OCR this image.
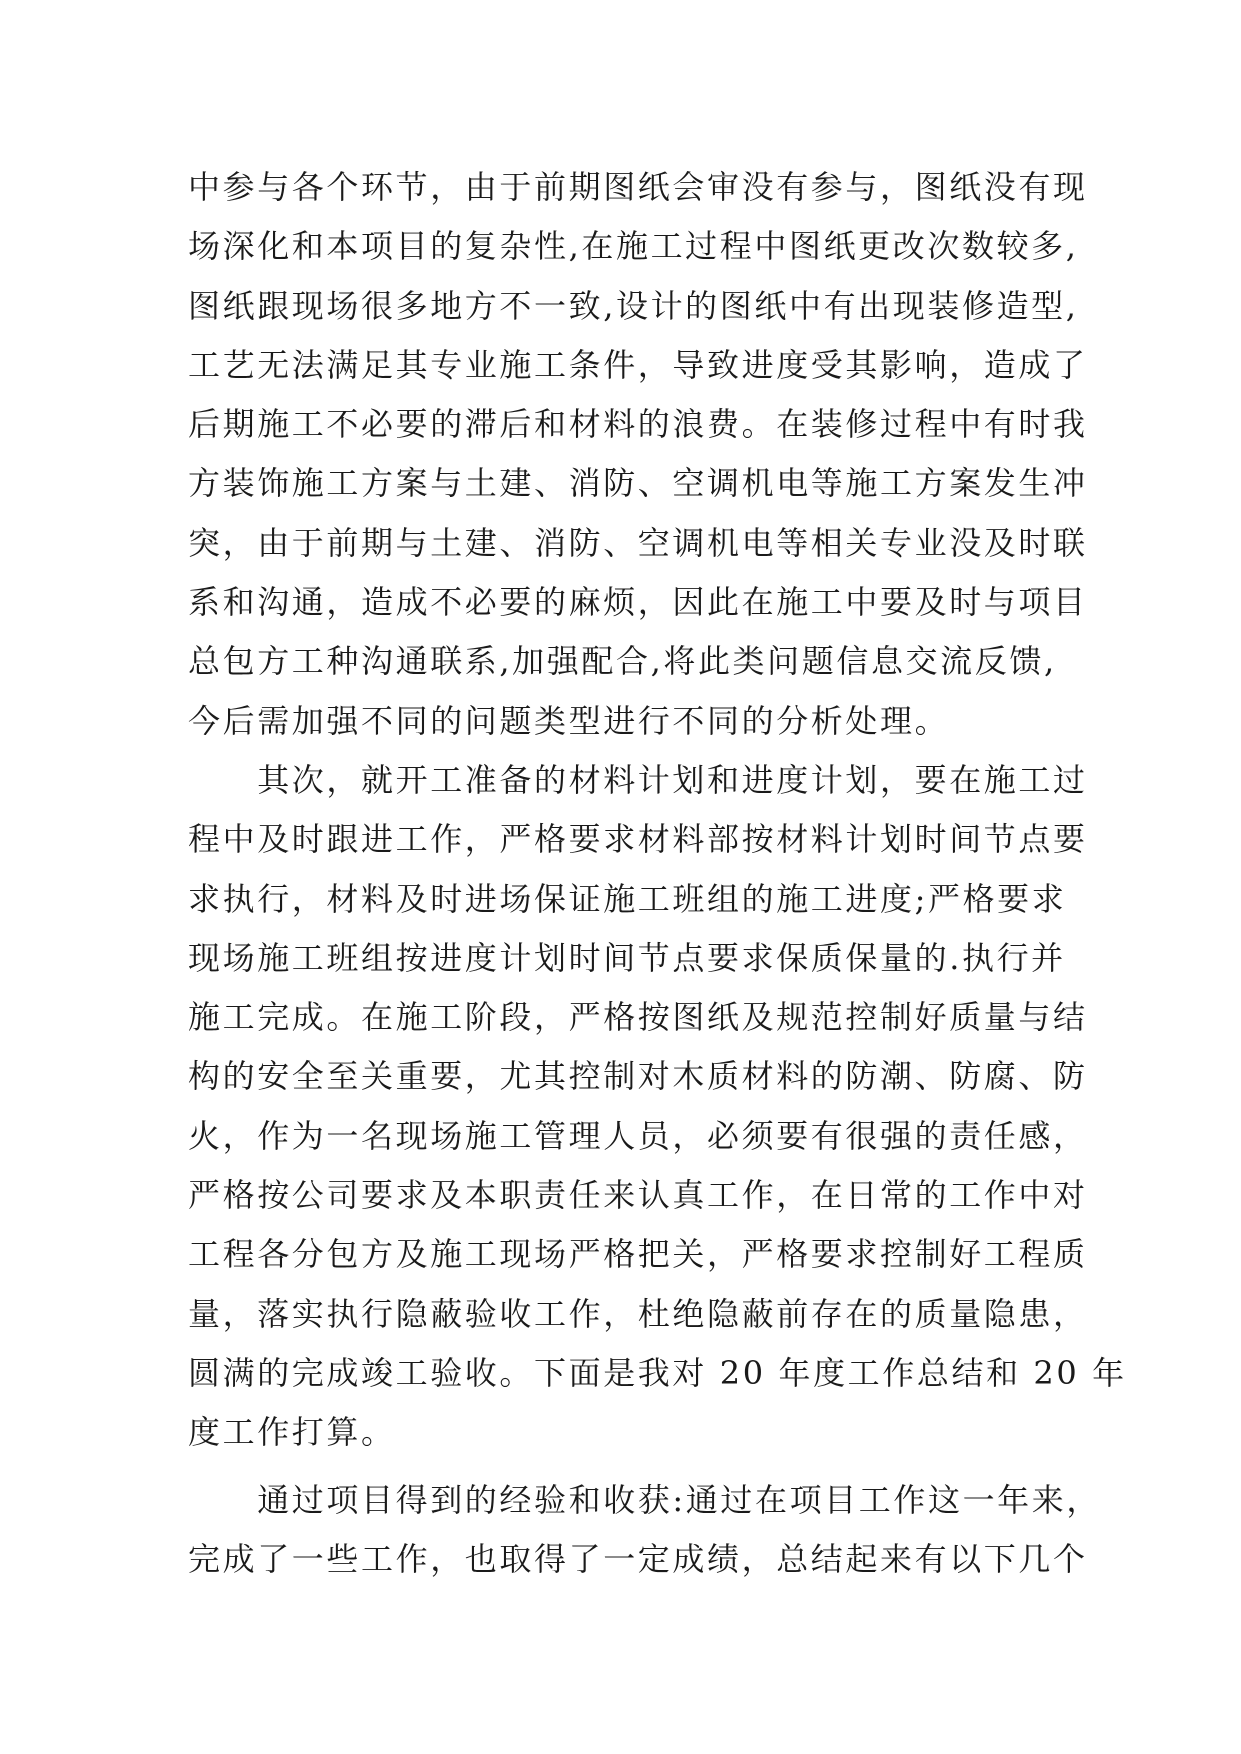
中参与各个环节，由于前期图纸会审没有参与，图纸没有现
场深化和本项目的复杂性,在施工过程中图纸更改次数较多,
图纸跟现场很多地方不一致,设计的图纸中有出现装修造型,
工艺无法满足其专业施工条件，导致进度受其影响，造成了
后期施工不必要的滞后和材料的浪费。在装修过程中有时我
方装饰施工方案与土建、消防、空调机电等施工方案发生冲
突，由于前期与土建、消防、空调机电等相关专业没及时联
系和沟通，造成不必要的麻烦，因此在施工中要及时与项目
总包方工种沟通联系,加强配合,将此类问题信息交流反馈,
今后需加强不同的问题类型进行不同的分析处理。
　　其次，就开工准备的材料计划和进度计划，要在施工过
程中及时跟进工作，严格要求材料部按材料计划时间节点要
求执行，材料及时进场保证施工班组的施工进度;严格要求
现场施工班组按进度计划时间节点要求保质保量的.执行并
施工完成。在施工阶段，严格按图纸及规范控制好质量与结
构的安全至关重要，尤其控制对木质材料的防潮、防腐、防
火，作为一名现场施工管理人员，必须要有很强的责任感，
严格按公司要求及本职责任来认真工作，在日常的工作中对
工程各分包方及施工现场严格把关，严格要求控制好工程质
量，落实执行隐蔽验收工作，杜绝隐蔽前存在的质量隐患，
圆满的完成竣工验收。下面是我对 20 年度工作总结和 20 年
度工作打算。
　　通过项目得到的经验和收获:通过在项目工作这一年来，
完成了一些工作，也取得了一定成绩，总结起来有以下几个
